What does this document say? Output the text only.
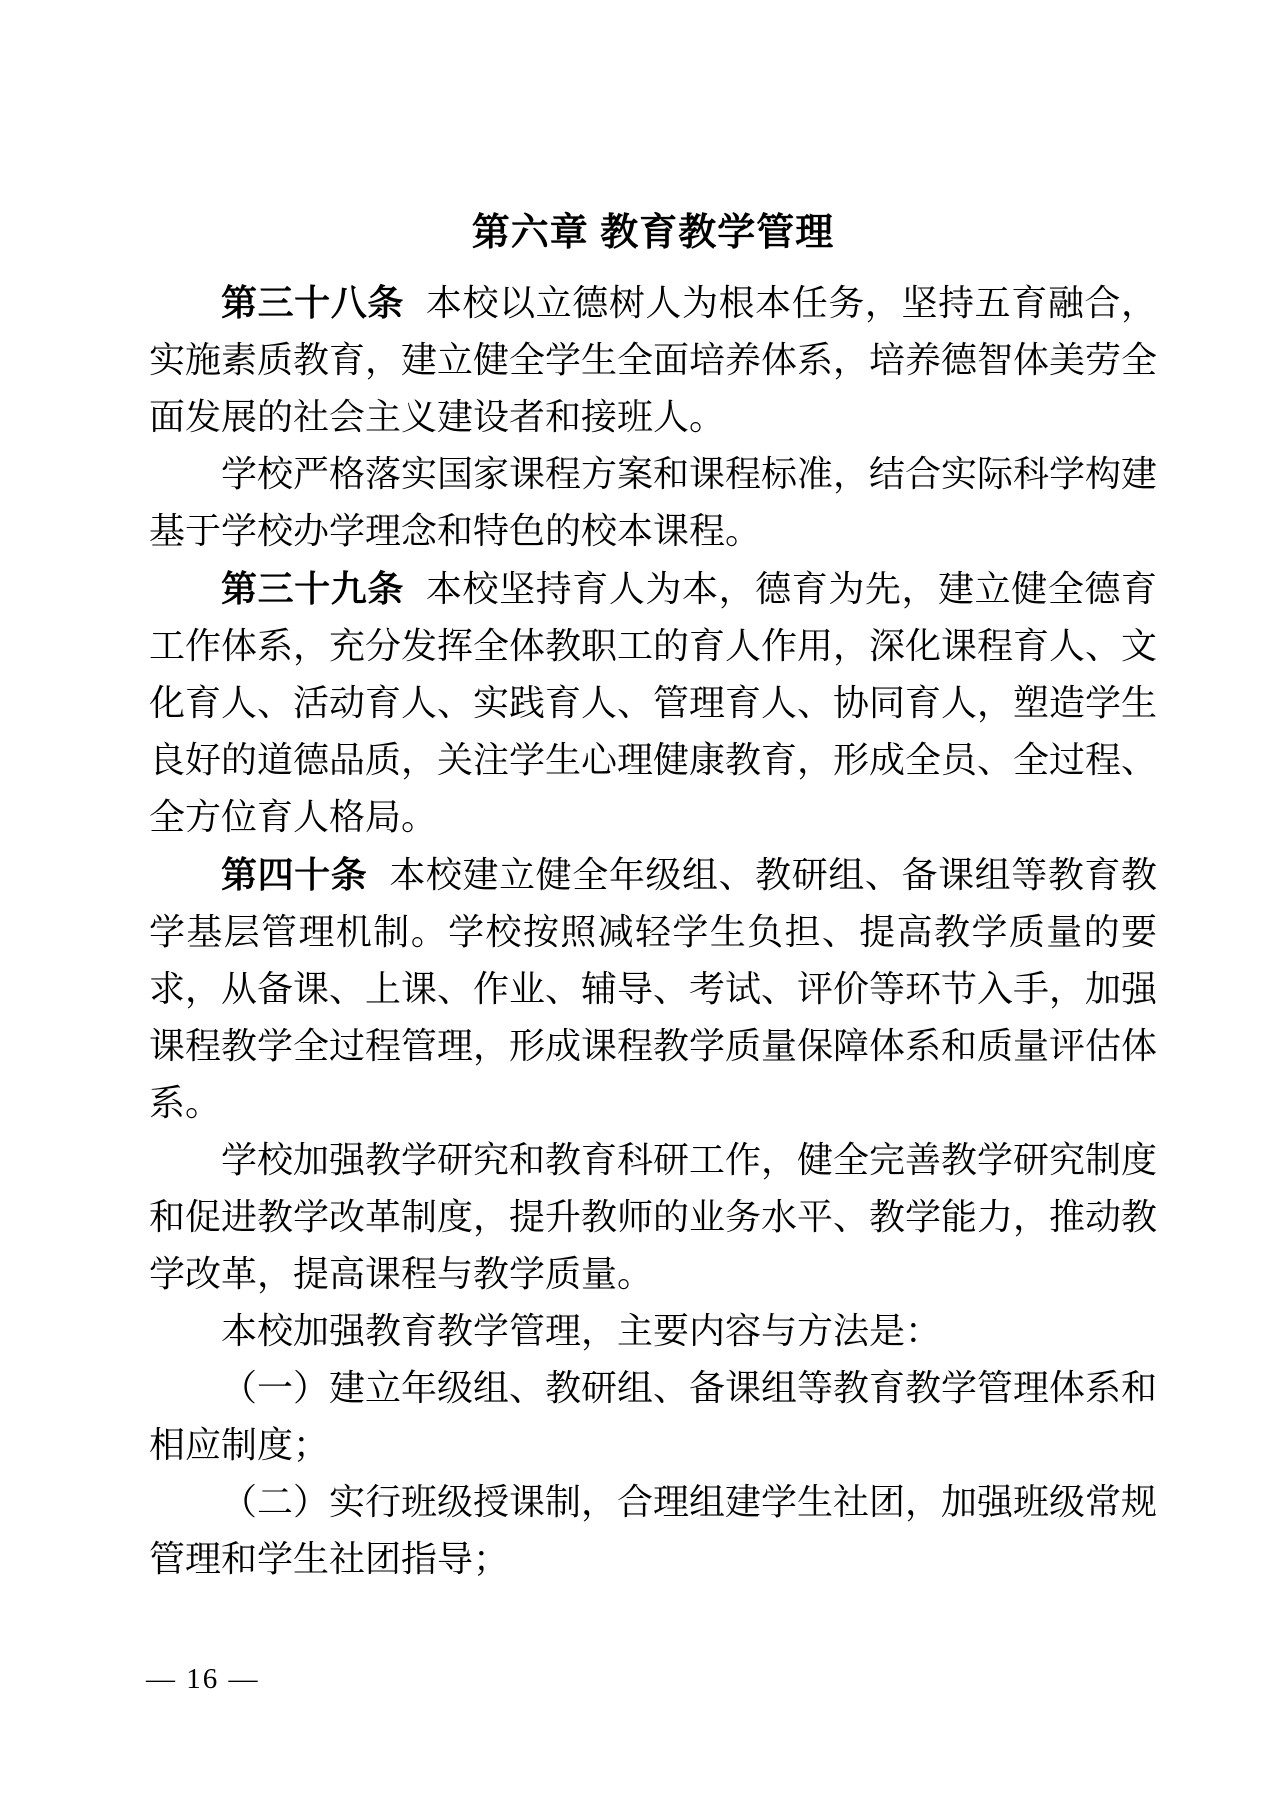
第六章 教育教学管理

第三十八条 本校以立德树人为根本任务，坚持五育融合，实施素质教育，建立健全学生全面培养体系，培养德智体美劳全面发展的社会主义建设者和接班人。

学校严格落实国家课程方案和课程标准，结合实际科学构建基于学校办学理念和特色的校本课程。

第三十九条 本校坚持育人为本，德育为先，建立健全德育工作体系，充分发挥全体教职工的育人作用，深化课程育人、文化育人、活动育人、实践育人、管理育人、协同育人，塑造学生良好的道德品质，关注学生心理健康教育，形成全员、全过程、全方位育人格局。

第四十条 本校建立健全年级组、教研组、备课组等教育教学基层管理机制。学校按照减轻学生负担、提高教学质量的要求，从备课、上课、作业、辅导、考试、评价等环节入手，加强课程教学全过程管理，形成课程教学质量保障体系和质量评估体系。

学校加强教学研究和教育科研工作，健全完善教学研究制度和促进教学改革制度，提升教师的业务水平、教学能力，推动教学改革，提高课程与教学质量。

本校加强教育教学管理，主要内容与方法是：

（一）建立年级组、教研组、备课组等教育教学管理体系和相应制度；

（二）实行班级授课制，合理组建学生社团，加强班级常规管理和学生社团指导；

— 16 —
